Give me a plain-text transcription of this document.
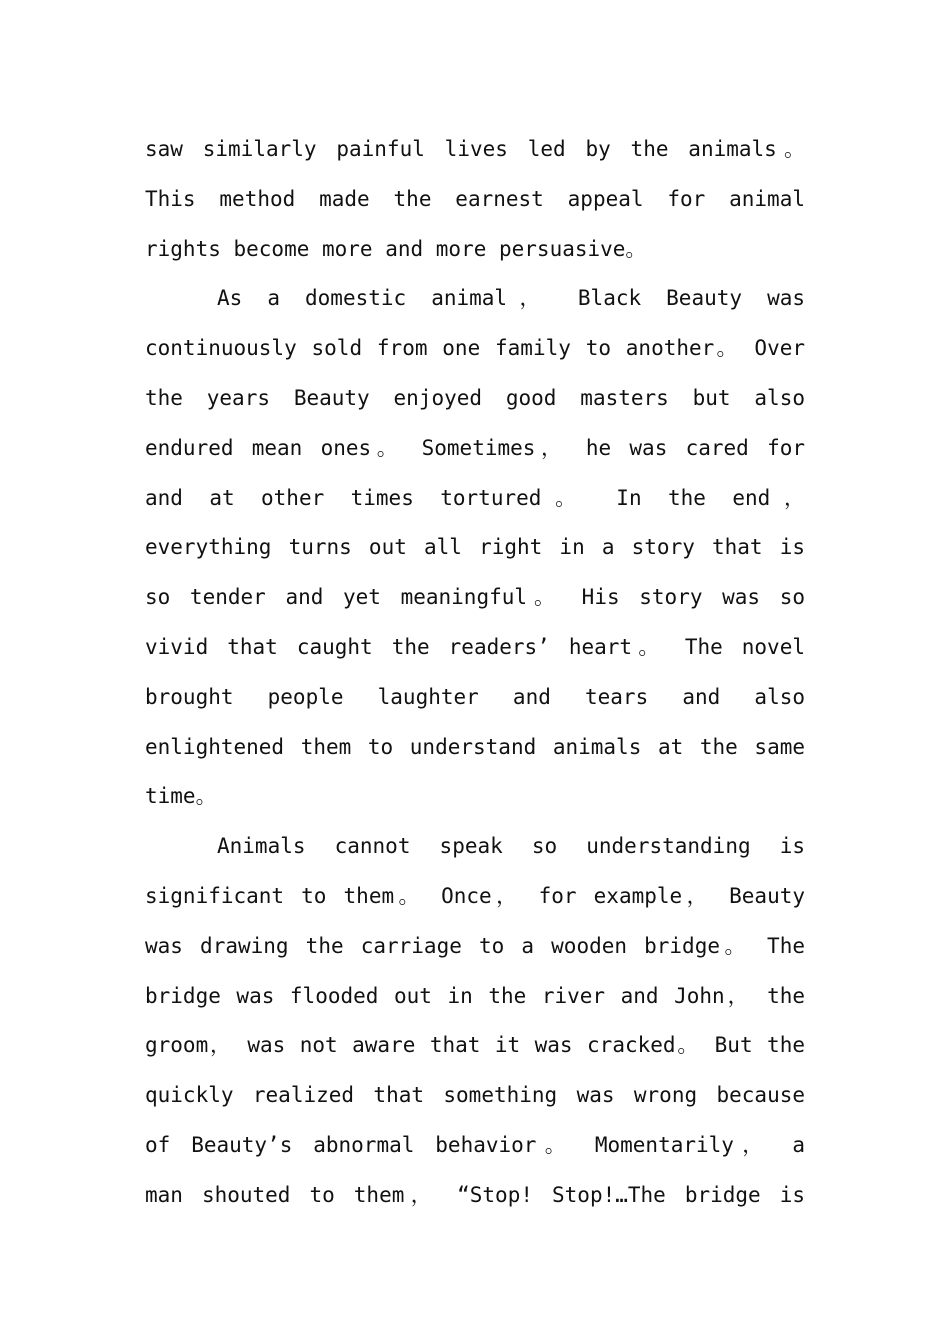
saw similarly painful lives led by the animals。
This method made the earnest appeal for animal
rights become more and more persuasive。
As a domestic animal， Black Beauty was
continuously sold from one family to another。 Over
the years Beauty enjoyed good masters but also
endured mean ones。 Sometimes， he was cared for
and at other times tortured。 In the end，
everything turns out all right in a story that is
so tender and yet meaningful。 His story was so
vivid that caught the readers’ heart。 The novel
brought people laughter and tears and also
enlightened them to understand animals at the same
time。
Animals cannot speak so understanding is
significant to them。 Once， for example， Beauty
was drawing the carriage to a wooden bridge。 The
bridge was flooded out in the river and John， the
groom， was not aware that it was cracked。 But the
quickly realized that something was wrong because
of Beauty’s abnormal behavior。 Momentarily， a
man shouted to them， “Stop! Stop!…The bridge is
